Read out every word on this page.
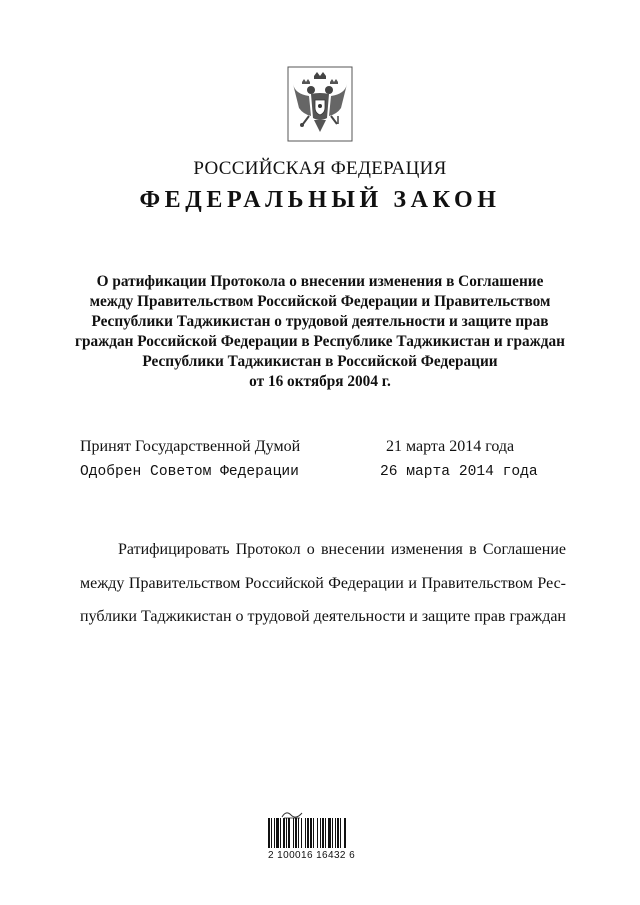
РОССИЙСКАЯ ФЕДЕРАЦИЯ
ФЕДЕРАЛЬНЫЙ ЗАКОН
О ратификации Протокола о внесении изменения в Соглашение
между Правительством Российской Федерации и Правительством
Республики Таджикистан о трудовой деятельности и защите прав
граждан Российской Федерации в Республике Таджикистан и граждан
Республики Таджикистан в Российской Федерации
от 16 октября 2004 г.
Принят Государственной Думой	21 марта 2014 года
Одобрен Советом Федерации	26 марта 2014 года
Ратифицировать Протокол о внесении изменения в Соглашение
между Правительством Российской Федерации и Правительством Рес-
публики Таджикистан о трудовой деятельности и защите прав граждан
2 100016 16432 6
